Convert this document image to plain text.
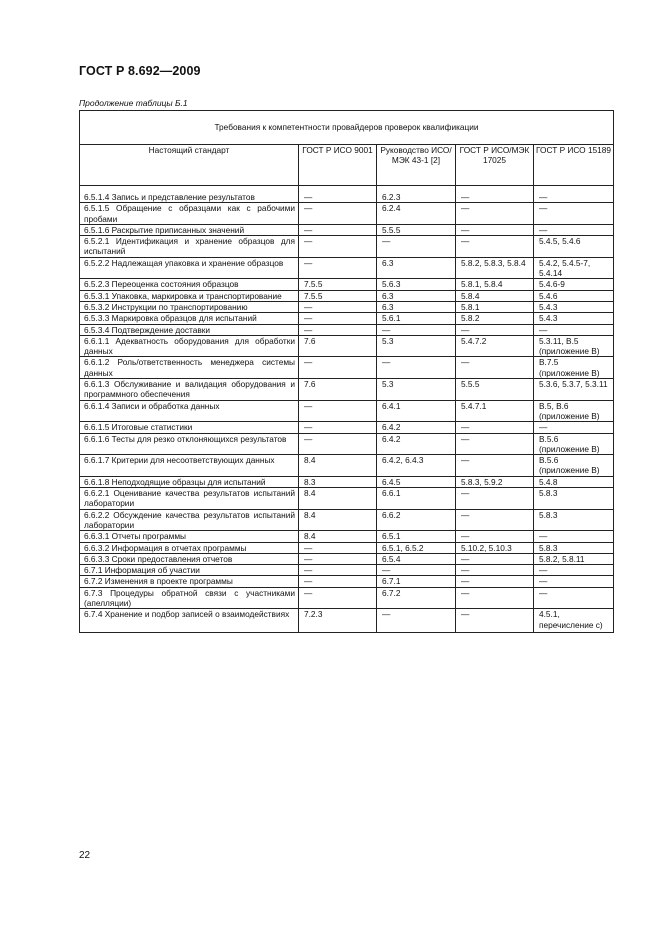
ГОСТ Р 8.692—2009
Продолжение таблицы Б.1
Требования к компетентности провайдеров проверок квалификации				
Настоящий стандарт	ГОСТ Р ИСО 9001	Руководство ИСО/МЭК 43-1 [2]	ГОСТ Р ИСО/МЭК 17025	ГОСТ Р ИСО 15189
6.5.1.4 Запись и представление результатов	—	6.2.3	—	—
6.5.1.5 Обращение с образцами как с рабочими пробами	—	6.2.4	—	—
6.5.1.6 Раскрытие приписанных значений	—	5.5.5	—	—
6.5.2.1 Идентификация и хранение образцов для испытаний	—	—	—	5.4.5, 5.4.6
6.5.2.2 Надлежащая упаковка и хранение образцов	—	6.3	5.8.2, 5.8.3, 5.8.4	5.4.2, 5.4.5-7, 5.4.14
6.5.2.3 Переоценка состояния образцов	7.5.5	5.6.3	5.8.1, 5.8.4	5.4.6-9
6.5.3.1 Упаковка, маркировка и транспортирование	7.5.5	6.3	5.8.4	5.4.6
6.5.3.2 Инструкции по транспортированию	—	6.3	5.8.1	5.4.3
6.5.3.3 Маркировка образцов для испытаний	—	5.6.1	5.8.2	5.4.3
6.5.3.4 Подтверждение доставки	—	—	—	—
6.6.1.1 Адекватность оборудования для обработки данных	7.6	5.3	5.4.7.2	5.3.11, В.5 (приложение В)
6.6.1.2 Роль/ответственность менеджера системы данных	—	—	—	В.7.5 (приложение В)
6.6.1.3 Обслуживание и валидация оборудования и программного обеспечения	7.6	5.3	5.5.5	5.3.6, 5.3.7, 5.3.11
6.6.1.4 Записи и обработка данных	—	6.4.1	5.4.7.1	В.5, В.6 (приложение В)
6.6.1.5 Итоговые статистики	—	6.4.2	—	—
6.6.1.6 Тесты для резко отклоняющихся результатов	—	6.4.2	—	В.5.6 (приложение В)
6.6.1.7 Критерии для несоответствующих данных	8.4	6.4.2, 6.4.3	—	В.5.6 (приложение В)
6.6.1.8 Неподходящие образцы для испытаний	8.3	6.4.5	5.8.3, 5.9.2	5.4.8
6.6.2.1 Оценивание качества результатов испытаний лаборатории	8.4	6.6.1	—	5.8.3
6.6.2.2 Обсуждение качества результатов испытаний лаборатории	8.4	6.6.2	—	5.8.3
6.6.3.1 Отчеты программы	8.4	6.5.1	—	—
6.6.3.2 Информация в отчетах программы	—	6.5.1, 6.5.2	5.10.2, 5.10.3	5.8.3
6.6.3.3 Сроки предоставления отчетов	—	6.5.4	—	5.8.2, 5.8.11
6.7.1 Информация об участии	—	—	—	—
6.7.2 Изменения в проекте программы	—	6.7.1	—	—
6.7.3 Процедуры обратной связи с участниками (апелляции)	—	6.7.2	—	—
6.7.4 Хранение и подбор записей о взаимодействиях	7.2.3	—	—	4.5.1, перечисление с)
22
